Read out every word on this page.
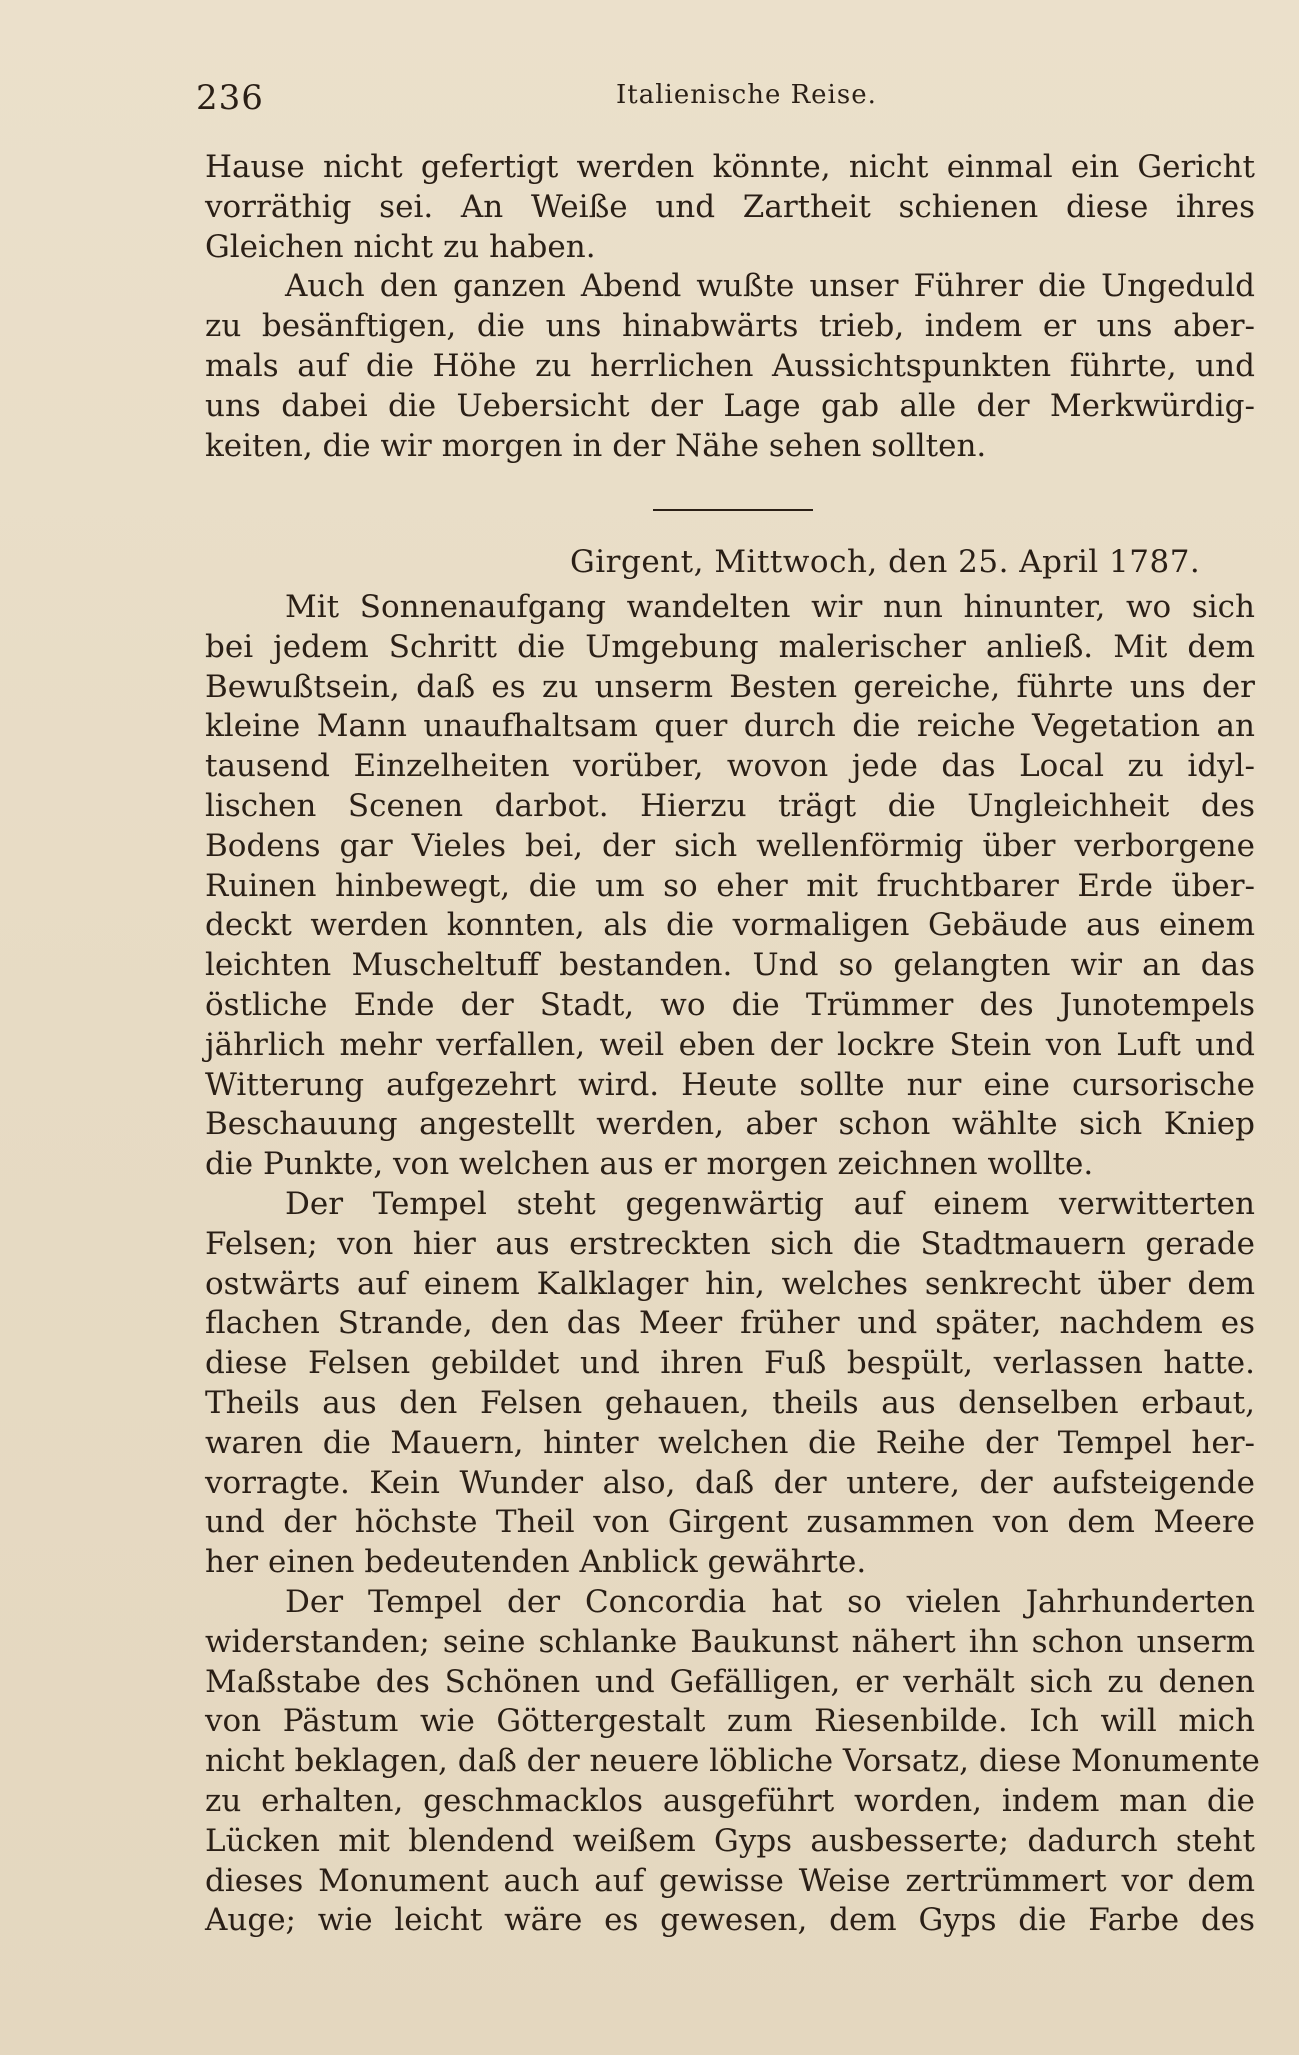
236	Italienische Reise.
Hause nicht gefertigt werden könnte, nicht einmal ein Gericht
vorräthig sei. An Weiße und Zartheit schienen diese ihres
Gleichen nicht zu haben.
Auch den ganzen Abend wußte unser Führer die Ungeduld
zu besänftigen, die uns hinabwärts trieb, indem er uns aber-
mals auf die Höhe zu herrlichen Aussichtspunkten führte, und
uns dabei die Uebersicht der Lage gab alle der Merkwürdig-
keiten, die wir morgen in der Nähe sehen sollten.
Girgent, Mittwoch, den 25. April 1787.
Mit Sonnenaufgang wandelten wir nun hinunter, wo sich
bei jedem Schritt die Umgebung malerischer anließ. Mit dem
Bewußtsein, daß es zu unserm Besten gereiche, führte uns der
kleine Mann unaufhaltsam quer durch die reiche Vegetation an
tausend Einzelheiten vorüber, wovon jede das Local zu idyl-
lischen Scenen darbot. Hierzu trägt die Ungleichheit des
Bodens gar Vieles bei, der sich wellenförmig über verborgene
Ruinen hinbewegt, die um so eher mit fruchtbarer Erde über-
deckt werden konnten, als die vormaligen Gebäude aus einem
leichten Muscheltuff bestanden. Und so gelangten wir an das
östliche Ende der Stadt, wo die Trümmer des Junotempels
jährlich mehr verfallen, weil eben der lockre Stein von Luft und
Witterung aufgezehrt wird. Heute sollte nur eine cursorische
Beschauung angestellt werden, aber schon wählte sich Kniep
die Punkte, von welchen aus er morgen zeichnen wollte.
Der Tempel steht gegenwärtig auf einem verwitterten
Felsen; von hier aus erstreckten sich die Stadtmauern gerade
ostwärts auf einem Kalklager hin, welches senkrecht über dem
flachen Strande, den das Meer früher und später, nachdem es
diese Felsen gebildet und ihren Fuß bespült, verlassen hatte.
Theils aus den Felsen gehauen, theils aus denselben erbaut,
waren die Mauern, hinter welchen die Reihe der Tempel her-
vorragte. Kein Wunder also, daß der untere, der aufsteigende
und der höchste Theil von Girgent zusammen von dem Meere
her einen bedeutenden Anblick gewährte.
Der Tempel der Concordia hat so vielen Jahrhunderten
widerstanden; seine schlanke Baukunst nähert ihn schon unserm
Maßstabe des Schönen und Gefälligen, er verhält sich zu denen
von Pästum wie Göttergestalt zum Riesenbilde. Ich will mich
nicht beklagen, daß der neuere löbliche Vorsatz, diese Monumente
zu erhalten, geschmacklos ausgeführt worden, indem man die
Lücken mit blendend weißem Gyps ausbesserte; dadurch steht
dieses Monument auch auf gewisse Weise zertrümmert vor dem
Auge; wie leicht wäre es gewesen, dem Gyps die Farbe des
